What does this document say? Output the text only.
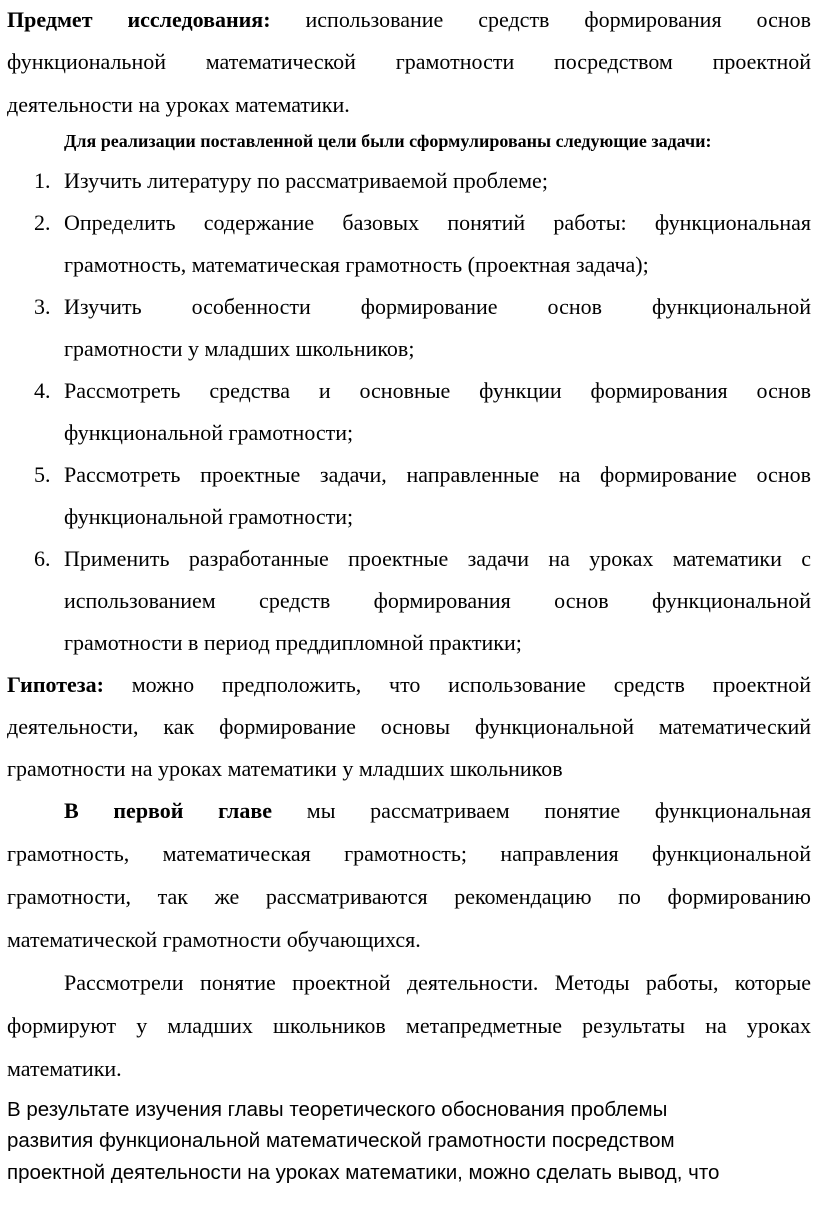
Предмет исследования: использование средств формирования основ
функциональной математической грамотности посредством проектной
деятельности на уроках математики.
Для реализации поставленной цели были сформулированы следующие задачи:
1. Изучить литературу по рассматриваемой проблеме;
2. Определить содержание базовых понятий работы: функциональная
грамотность, математическая грамотность (проектная задача);
3. Изучить особенности формирование основ функциональной
грамотности у младших школьников;
4. Рассмотреть средства и основные функции формирования основ
функциональной грамотности;
5. Рассмотреть проектные задачи, направленные на формирование основ
функциональной грамотности;
6. Применить разработанные проектные задачи на уроках математики с
использованием средств формирования основ функциональной
грамотности в период преддипломной практики;
Гипотеза: можно предположить, что использование средств проектной
деятельности, как формирование основы функциональной математический
грамотности на уроках математики у младших школьников
В первой главе мы рассматриваем понятие функциональная
грамотность, математическая грамотность; направления функциональной
грамотности, так же рассматриваются рекомендацию по формированию
математической грамотности обучающихся.
Рассмотрели понятие проектной деятельности. Методы работы, которые
формируют у младших школьников метапредметные результаты на уроках
математики.
В результате изучения главы теоретического обоснования проблемы
развития функциональной математической грамотности посредством
проектной деятельности на уроках математики, можно сделать вывод, что
